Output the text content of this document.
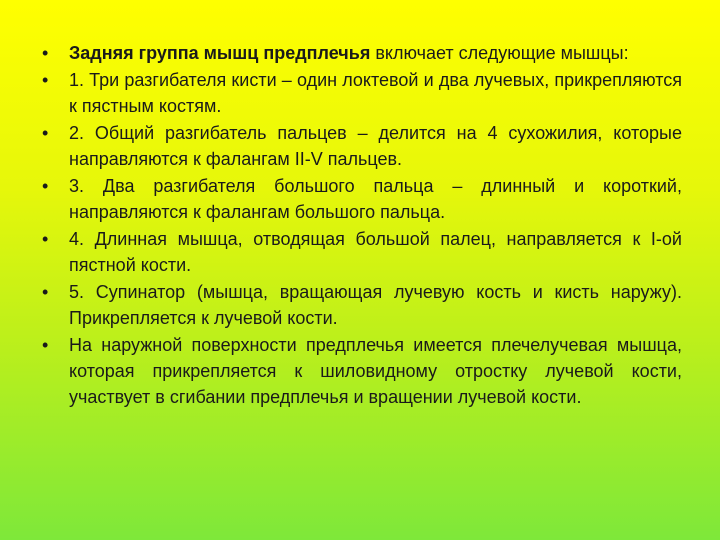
•	Задняя группа мышц предплечья включает следующие мышцы:
•	1. Три разгибателя кисти – один локтевой и два лучевых, прикрепляются к пястным костям.
•	2. Общий разгибатель пальцев – делится на 4 сухожилия, которые направляются к фалангам II-V пальцев.
•	3. Два разгибателя большого пальца – длинный и короткий, направляются к фалангам большого пальца.
•	4. Длинная мышца, отводящая большой палец, направляется к I-ой пястной кости.
•	5. Супинатор (мышца, вращающая лучевую кость и кисть наружу). Прикрепляется к лучевой кости.
•	На наружной поверхности предплечья имеется плечелучевая мышца, которая прикрепляется к шиловидному отростку лучевой кости, участвует в сгибании предплечья и вращении лучевой кости.
